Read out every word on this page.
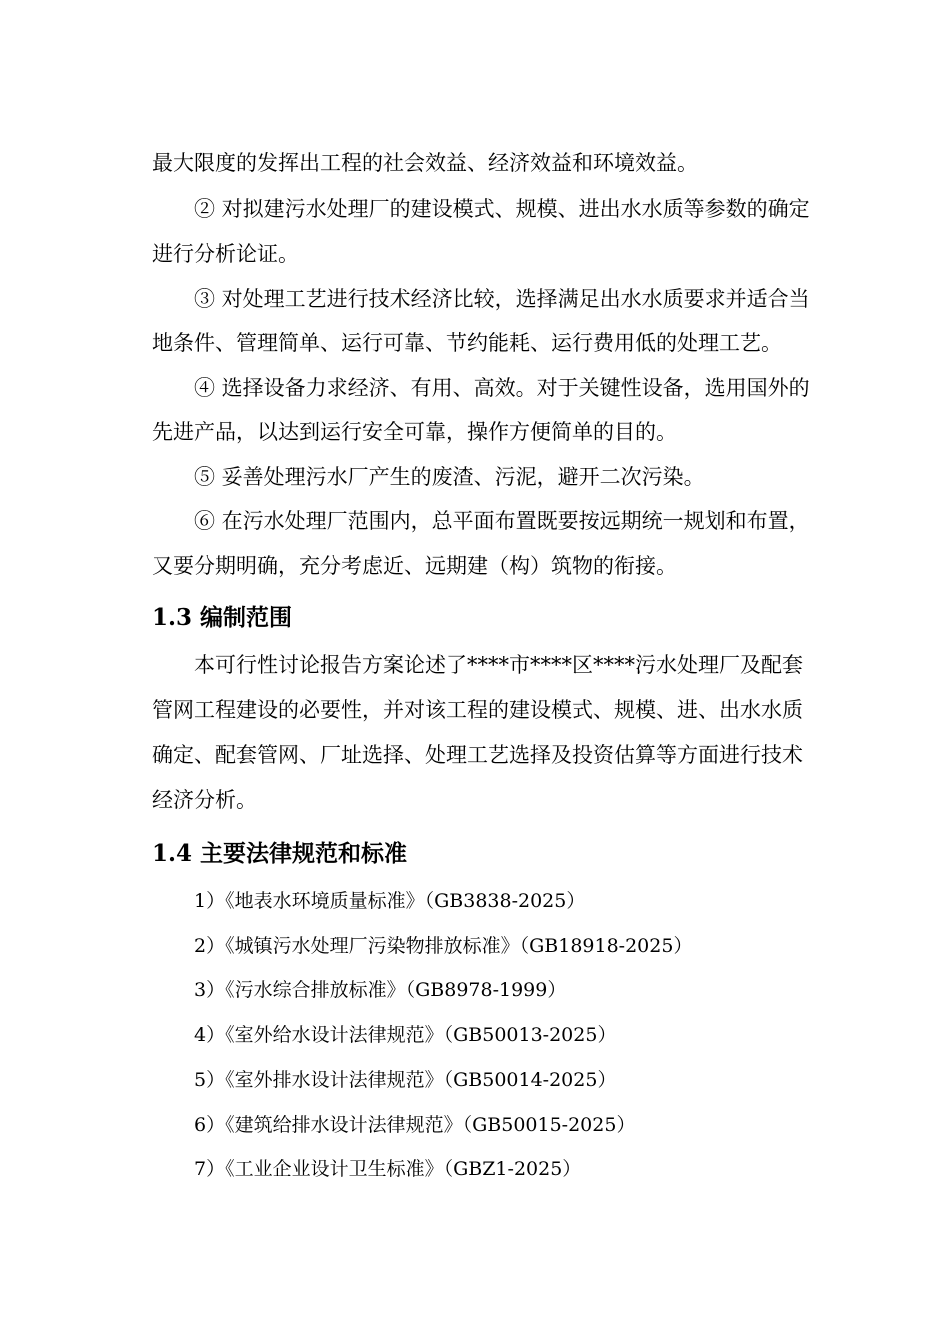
最大限度的发挥出工程的社会效益、经济效益和环境效益。
② 对拟建污水处理厂的建设模式、规模、进出水水质等参数的确定
进行分析论证。
③ 对处理工艺进行技术经济比较，选择满足出水水质要求并适合当
地条件、管理简单、运行可靠、节约能耗、运行费用低的处理工艺。
④ 选择设备力求经济、有用、高效。对于关键性设备，选用国外的
先进产品，以达到运行安全可靠，操作方便简单的目的。
⑤ 妥善处理污水厂产生的废渣、污泥，避开二次污染。
⑥ 在污水处理厂范围内，总平面布置既要按远期统一规划和布置，
又要分期明确，充分考虑近、远期建（构）筑物的衔接。
1.3 编制范围
本可行性讨论报告方案论述了****市****区****污水处理厂及配套
管网工程建设的必要性，并对该工程的建设模式、规模、进、出水水质
确定、配套管网、厂址选择、处理工艺选择及投资估算等方面进行技术
经济分析。
1.4 主要法律规范和标准
1）《地表水环境质量标准》（GB3838-2025）
2）《城镇污水处理厂污染物排放标准》（GB18918-2025）
3）《污水综合排放标准》（GB8978-1999）
4）《室外给水设计法律规范》（GB50013-2025）
5）《室外排水设计法律规范》（GB50014-2025）
6）《建筑给排水设计法律规范》（GB50015-2025）
7）《工业企业设计卫生标准》（GBZ1-2025）
